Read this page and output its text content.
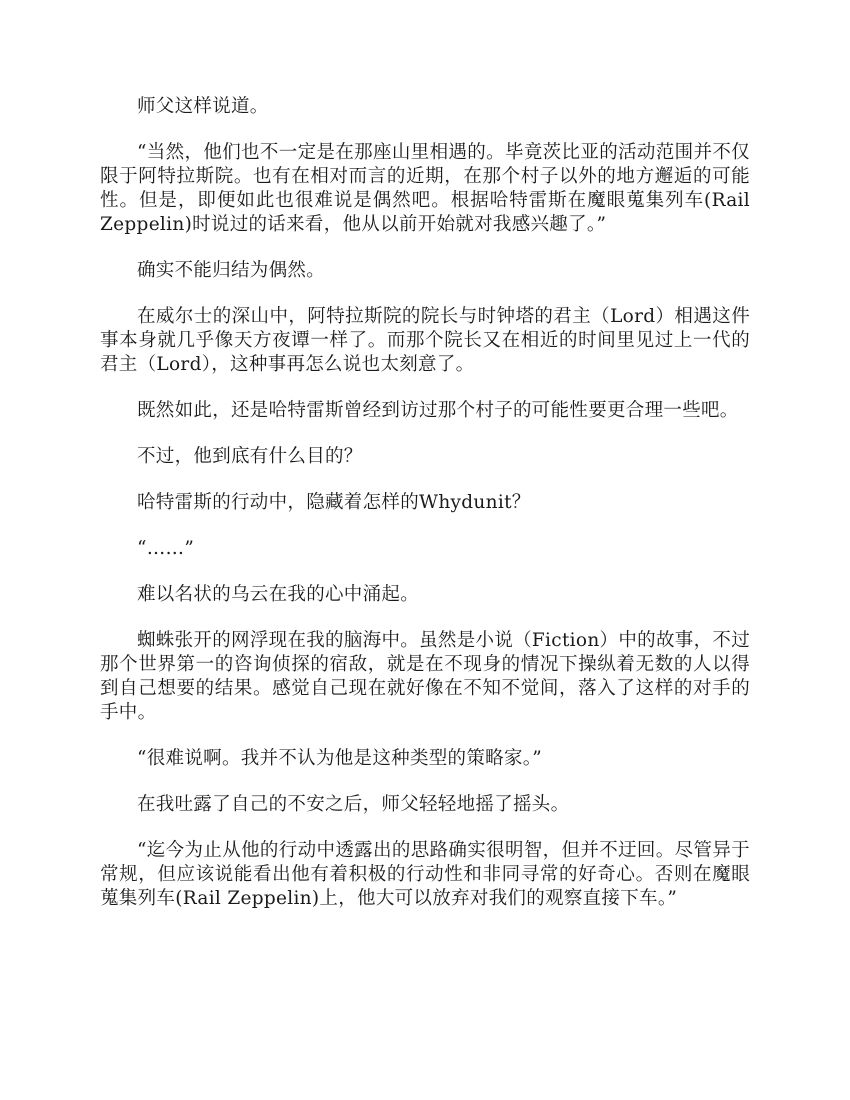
师父这样说道。

“当然，他们也不一定是在那座山里相遇的。毕竟茨比亚的活动范围并不仅限于阿特拉斯院。也有在相对而言的近期，在那个村子以外的地方邂逅的可能性。但是，即便如此也很难说是偶然吧。根据哈特雷斯在魔眼蒐集列车(Rail Zeppelin)时说过的话来看，他从以前开始就对我感兴趣了。”

确实不能归结为偶然。

在威尔士的深山中，阿特拉斯院的院长与时钟塔的君主（Lord）相遇这件事本身就几乎像天方夜谭一样了。而那个院长又在相近的时间里见过上一代的君主（Lord），这种事再怎么说也太刻意了。

既然如此，还是哈特雷斯曾经到访过那个村子的可能性要更合理一些吧。

不过，他到底有什么目的？

哈特雷斯的行动中，隐藏着怎样的Whydunit？

“……”

难以名状的乌云在我的心中涌起。

蜘蛛张开的网浮现在我的脑海中。虽然是小说（Fiction）中的故事，不过那个世界第一的咨询侦探的宿敌，就是在不现身的情况下操纵着无数的人以得到自己想要的结果。感觉自己现在就好像在不知不觉间，落入了这样的对手的手中。

“很难说啊。我并不认为他是这种类型的策略家。”

在我吐露了自己的不安之后，师父轻轻地摇了摇头。

“迄今为止从他的行动中透露出的思路确实很明智，但并不迂回。尽管异于常规，但应该说能看出他有着积极的行动性和非同寻常的好奇心。否则在魔眼蒐集列车(Rail Zeppelin)上，他大可以放弃对我们的观察直接下车。”
